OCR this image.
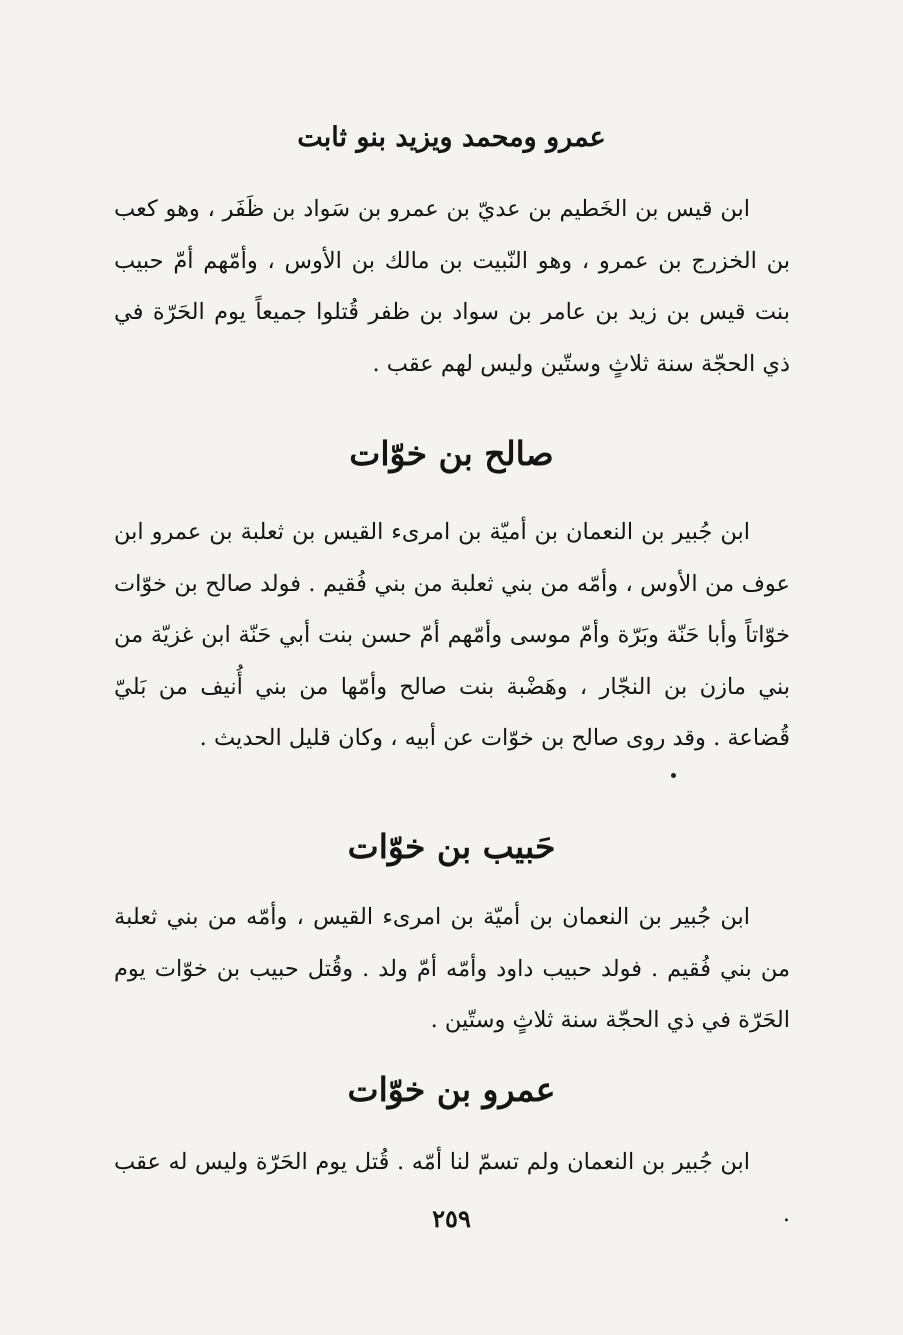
عمرو ومحمد ويزيد بنو ثابت

ابن قيس بن الخَطيم بن عديّ بن عمرو بن سَواد بن ظَفَر ، وهو كعب بن الخزرج بن عمرو ، وهو النّبيت بن مالك بن الأوس ، وأمّهم أمّ حبيب بنت قيس بن زيد بن عامر بن سواد بن ظفر قُتلوا جميعاً يوم الحَرّة في ذي الحجّة سنة ثلاثٍ وستّين وليس لهم عقب .

صالح بن خوّات

ابن جُبير بن النعمان بن أميّة بن امرىء القيس بن ثعلبة بن عمرو ابن عوف من الأوس ، وأمّه من بني ثعلبة من بني فُقيم . فولد صالح بن خوّات خوّاتاً وأبا حَنّة وبَرّة وأمّ موسى وأمّهم أمّ حسن بنت أبي حَنّة ابن غزيّة من بني مازن بن النجّار ، وهَضْبة بنت صالح وأمّها من بني أُنيف من بَليّ قُضاعة . وقد روى صالح بن خوّات عن أبيه ، وكان قليل الحديث .

حَبيب بن خوّات

ابن جُبير بن النعمان بن أميّة بن امرىء القيس ، وأمّه من بني ثعلبة من بني فُقيم . فولد حبيب داود وأمّه أمّ ولد . وقُتل حبيب بن خوّات يوم الحَرّة في ذي الحجّة سنة ثلاثٍ وستّين .

عمرو بن خوّات

ابن جُبير بن النعمان ولم تسمّ لنا أمّه . قُتل يوم الحَرّة وليس له عقب .

٢٥٩
